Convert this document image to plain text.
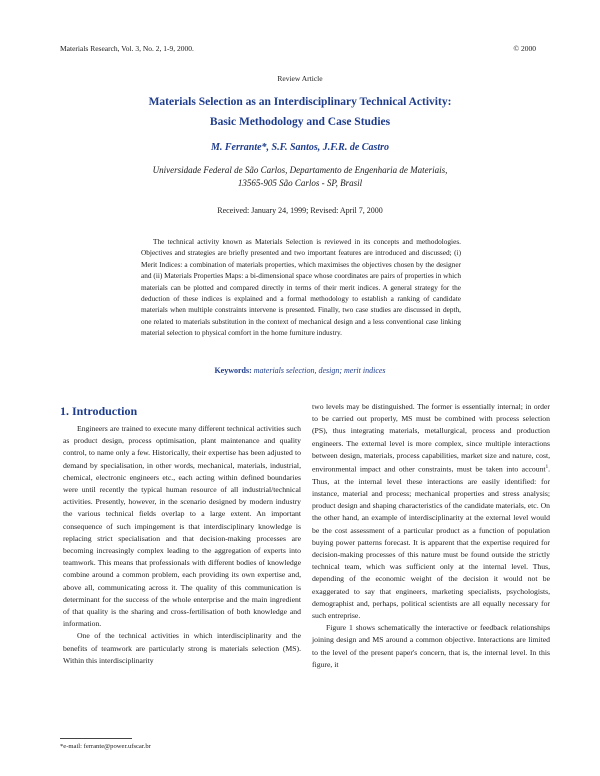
Materials Research, Vol. 3, No. 2, 1-9, 2000.	© 2000
Review Article
Materials Selection as an Interdisciplinary Technical Activity:
Basic Methodology and Case Studies
M. Ferrante*, S.F. Santos, J.F.R. de Castro
Universidade Federal de São Carlos, Departamento de Engenharia de Materiais,
13565-905 São Carlos - SP, Brasil
Received: January 24, 1999; Revised: April 7, 2000
The technical activity known as Materials Selection is reviewed in its concepts and methodologies. Objectives and strategies are briefly presented and two important features are introduced and discussed; (i) Merit Indices: a combination of materials properties, which maximises the objectives chosen by the designer and (ii) Materials Properties Maps: a bi-dimensional space whose coordinates are pairs of properties in which materials can be plotted and compared directly in terms of their merit indices. A general strategy for the deduction of these indices is explained and a formal methodology to establish a ranking of candidate materials when multiple constraints intervene is presented. Finally, two case studies are discussed in depth, one related to materials substitution in the context of mechanical design and a less conventional case linking material selection to physical comfort in the home furniture industry.
Keywords: materials selection, design; merit indices
1. Introduction

Engineers are trained to execute many different technical activities such as product design, process optimisation, plant maintenance and quality control, to name only a few. Historically, their expertise has been adjusted to demand by specialisation, in other words, mechanical, materials, industrial, chemical, electronic engineers etc., each acting within defined boundaries were until recently the typical human resource of all industrial/technical activities. Presently, however, in the scenario designed by modern industry the various technical fields overlap to a large extent. An important consequence of such impingement is that interdisciplinary knowledge is replacing strict specialisation and that decision-making processes are becoming increasingly complex leading to the aggregation of experts into teamwork. This means that professionals with different bodies of knowledge combine around a common problem, each providing its own expertise and, above all, communicating across it. The quality of this communication is determinant for the success of the whole enterprise and the main ingredient of that quality is the sharing and cross-fertilisation of both knowledge and information.

One of the technical activities in which interdisciplinarity and the benefits of teamwork are particularly strong is materials selection (MS). Within this interdisciplinarity

two levels may be distinguished. The former is essentially internal; in order to be carried out properly, MS must be combined with process selection (PS), thus integrating materials, metallurgical, process and production engineers. The external level is more complex, since multiple interactions between design, materials, process capabilities, market size and nature, cost, environmental impact and other constraints, must be taken into account$^1$. Thus, at the internal level these interactions are easily identified: for instance, material and process; mechanical properties and stress analysis; product design and shaping characteristics of the candidate materials, etc. On the other hand, an example of interdisciplinarity at the external level would be the cost assessment of a particular product as a function of population buying power patterns forecast. It is apparent that the expertise required for decision-making processes of this nature must be found outside the strictly technical team, which was sufficient only at the internal level. Thus, depending of the economic weight of the decision it would not be exaggerated to say that engineers, marketing specialists, psychologists, demographist and, perhaps, political scientists are all equally necessary for such entreprise.

Figure 1 shows schematically the interactive or feedback relationships joining design and MS around a common objective. Interactions are limited to the level of the present paper's concern, that is, the internal level. In this figure, it

*e-mail: ferrante@power.ufscar.br
